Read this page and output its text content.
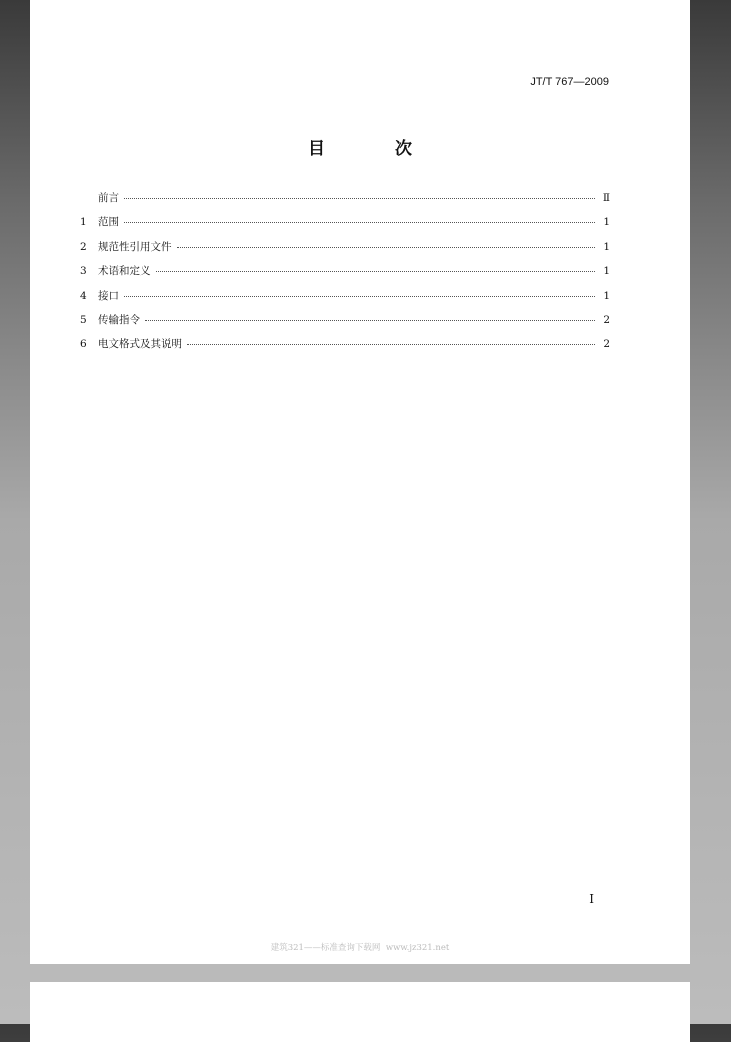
JT/T 767—2009
目 次
前言	Ⅱ
1	范围	1
2	规范性引用文件	1
3	术语和定义	1
4	接口	1
5	传输指令	2
6	电文格式及其说明	2
I
建筑321——标准查询下载网  www.jz321.net
